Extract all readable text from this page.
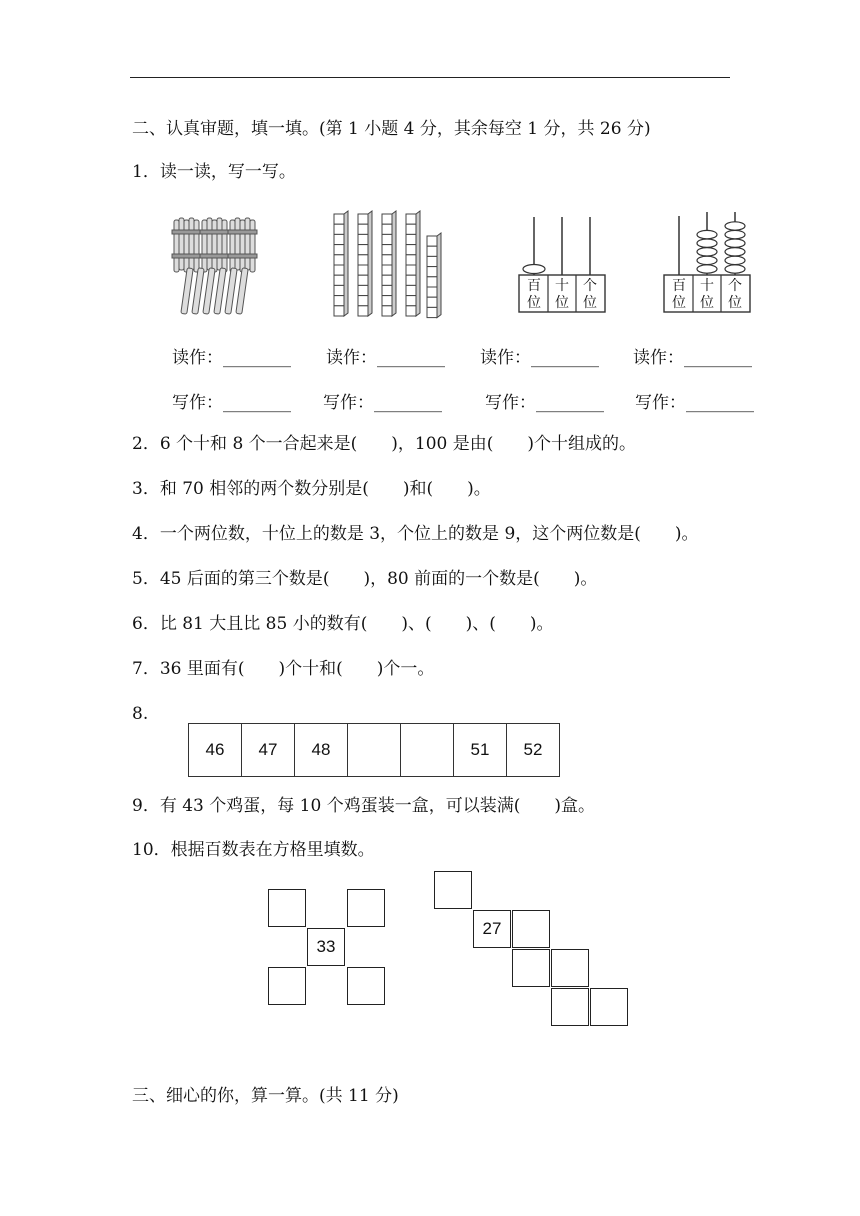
二、认真审题，填一填。(第 1 小题 4 分，其余每空 1 分，共 26 分)
1．读一读，写一写。
百
位
十
位
个
位
百
位
十
位
个
位
读作：________ 读作：________ 读作：________ 读作：________
写作：________ 写作：________	写作：________ 写作：________
2．6 个十和 8 个一合起来是(　　)，100 是由(　　)个十组成的。
3．和 70 相邻的两个数分别是(　　)和(　　)。
4．一个两位数，十位上的数是 3，个位上的数是 9，这个两位数是(　　)。
5．45 后面的第三个数是(　　)，80 前面的一个数是(　　)。
6．比 81 大且比 85 小的数有(　　)、(　　)、(　　)。
7．36 里面有(　　)个十和(　　)个一。
8.
46	47	48			51	52
9．有 43 个鸡蛋，每 10 个鸡蛋装一盒，可以装满(　　)盒。
10．根据百数表在方格里填数。
33
27
三、细心的你，算一算。(共 11 分)
